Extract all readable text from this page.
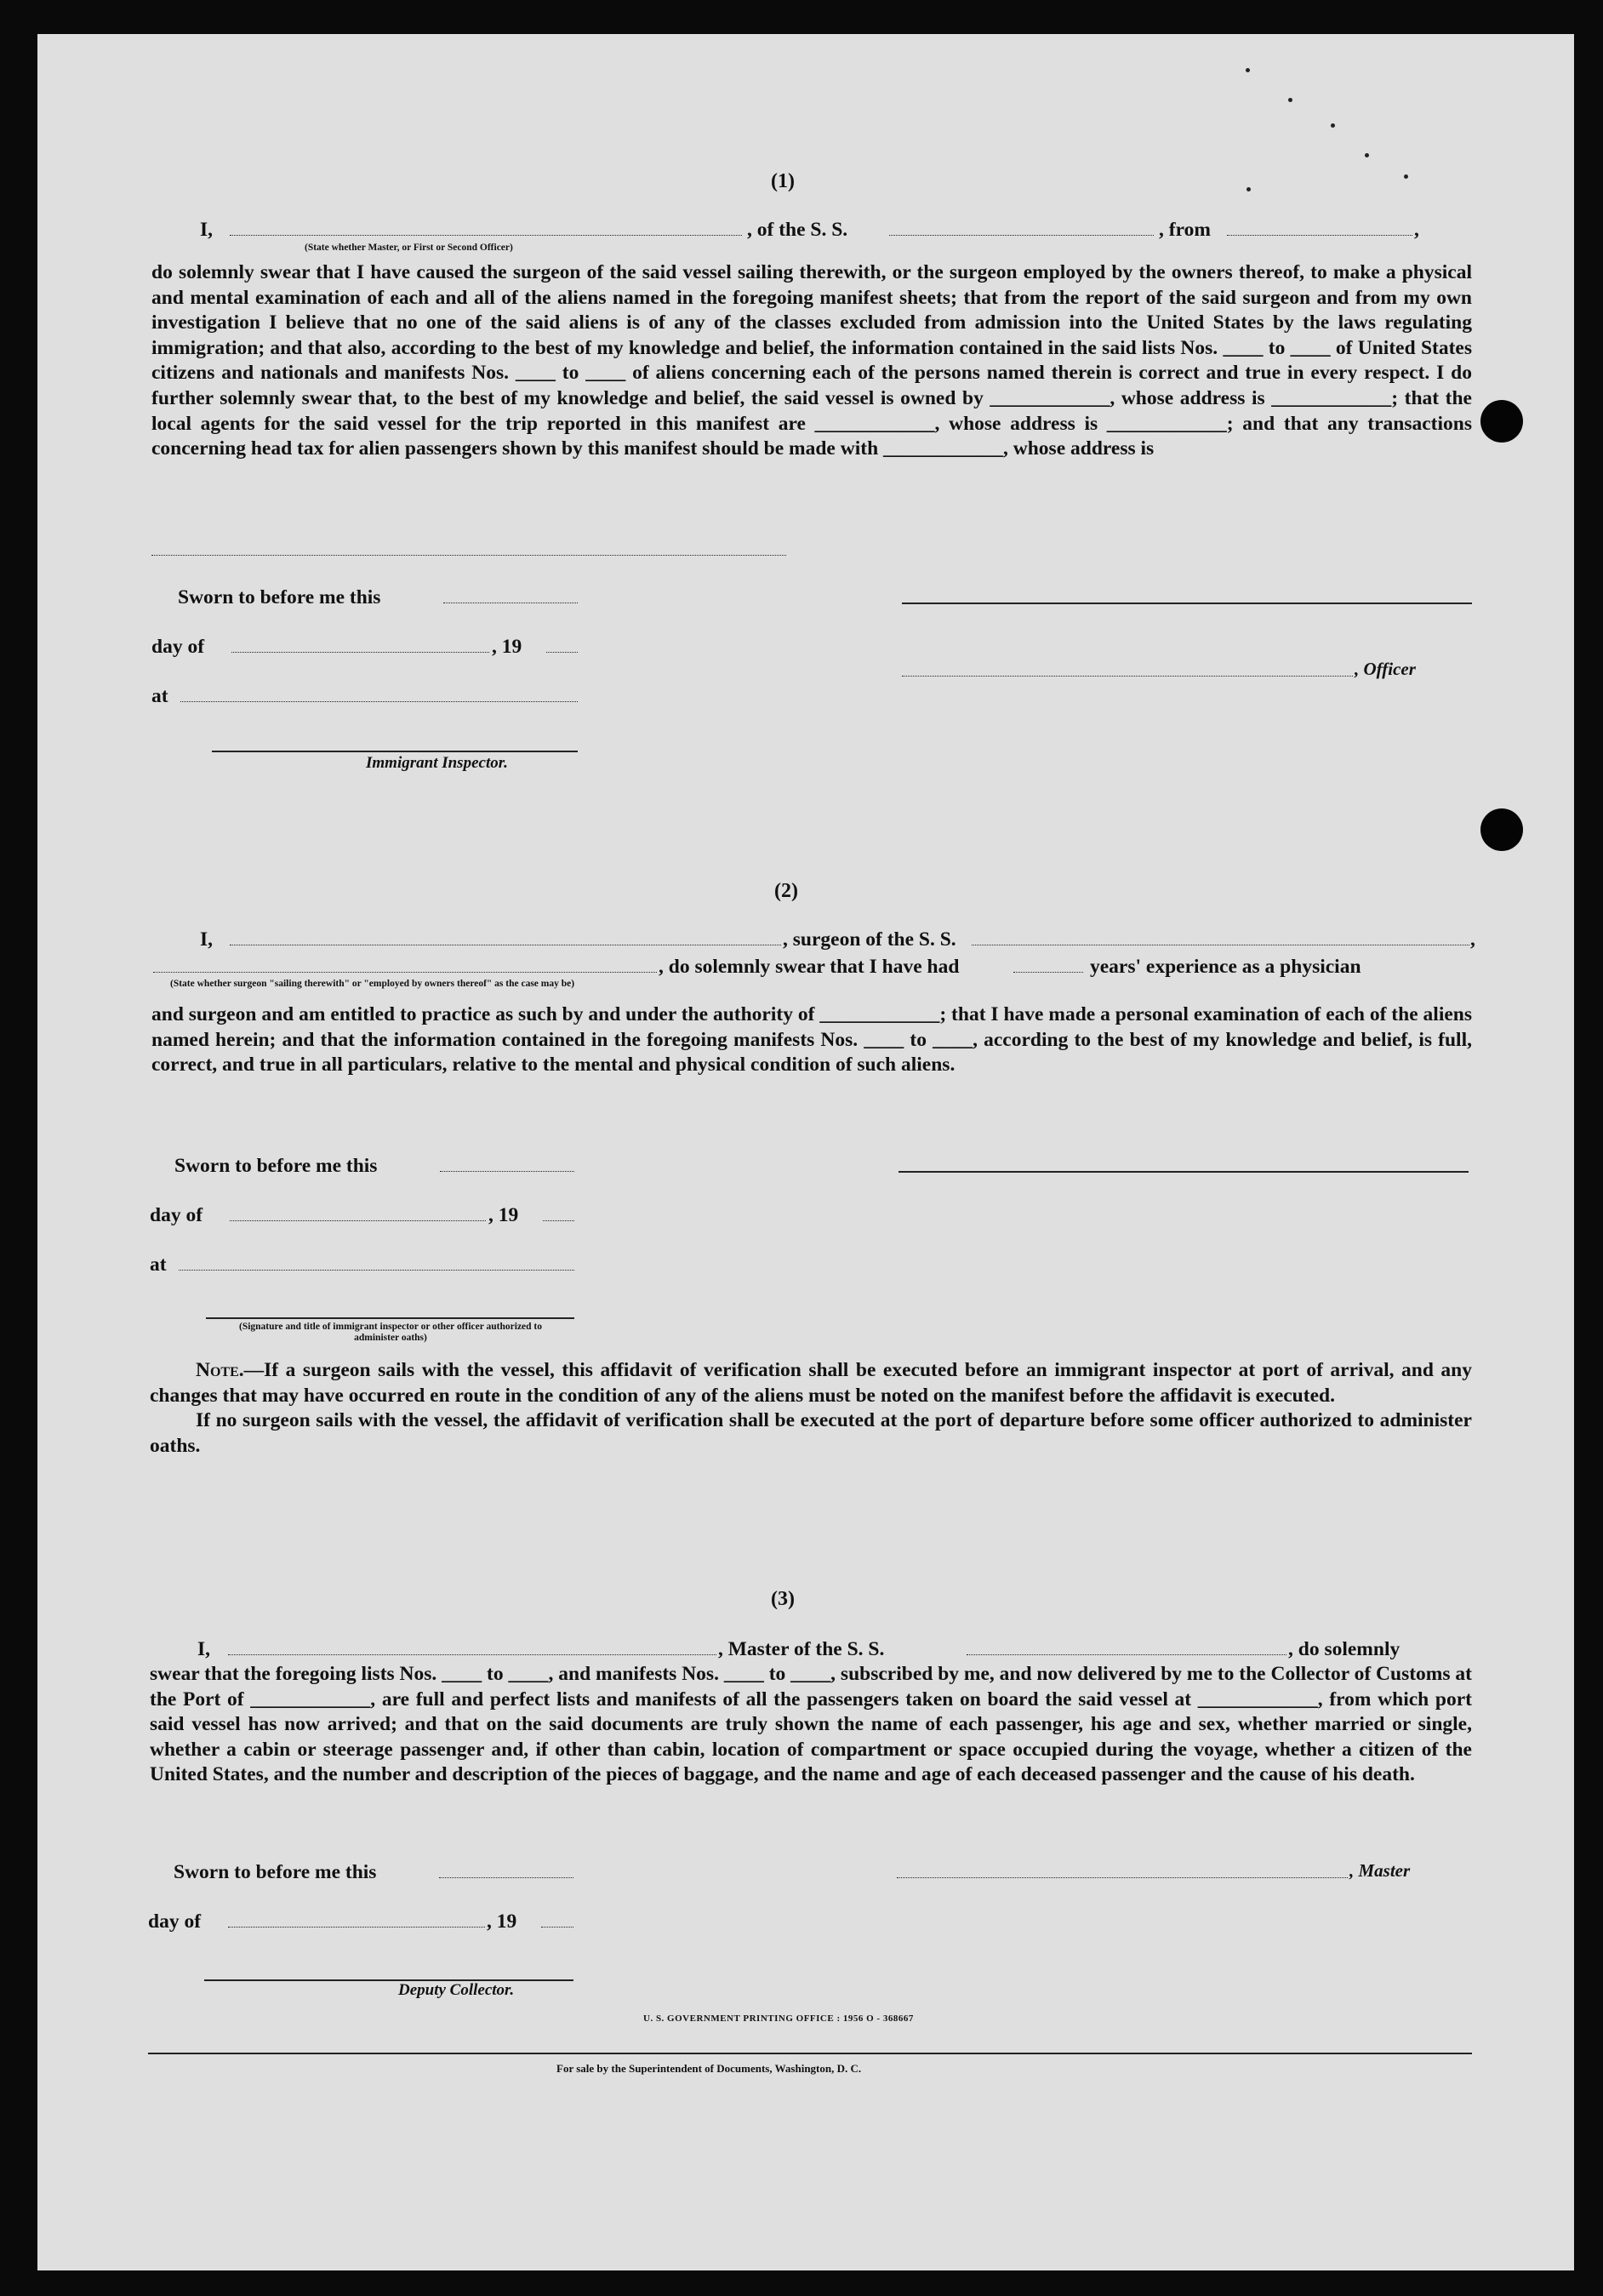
(1)
I,	, of the S. S.	, from	,
(State whether Master, or First or Second Officer)

do solemnly swear that I have caused the surgeon of the said vessel sailing therewith, or the surgeon employed by the owners thereof, to make a physical and mental examination of each and all of the aliens named in the foregoing manifest sheets; that from the report of the said surgeon and from my own investigation I believe that no one of the said aliens is of any of the classes excluded from admission into the United States by the laws regulating immigration; and that also, according to the best of my knowledge and belief, the information contained in the said lists Nos. ____ to ____ of United States citizens and nationals and manifests Nos. ____ to ____ of aliens concerning each of the persons named therein is correct and true in every respect. I do further solemnly swear that, to the best of my knowledge and belief, the said vessel is owned by ____________, whose address is ____________; that the local agents for the said vessel for the trip reported in this manifest are ____________, whose address is ____________; and that any transactions concerning head tax for alien passengers shown by this manifest should be made with ____________, whose address is

Sworn to before me this
day of	, 19
, Officer
at
Immigrant Inspector.
(2)
I,	, surgeon of the S. S.	,
, do solemnly swear that I have had	years' experience as a physician
(State whether surgeon "sailing therewith" or "employed by owners thereof" as the case may be)

and surgeon and am entitled to practice as such by and under the authority of ____________; that I have made a personal examination of each of the aliens named herein; and that the information contained in the foregoing manifests Nos. ____ to ____, according to the best of my knowledge and belief, is full, correct, and true in all particulars, relative to the mental and physical condition of such aliens.

Sworn to before me this
day of	, 19
at
(Signature and title of immigrant inspector or other officer authorized to administer oaths)

Note.—If a surgeon sails with the vessel, this affidavit of verification shall be executed before an immigrant inspector at port of arrival, and any changes that may have occurred en route in the condition of any of the aliens must be noted on the manifest before the affidavit is executed.

If no surgeon sails with the vessel, the affidavit of verification shall be executed at the port of departure before some officer authorized to administer oaths.

(3)
I,	, Master of the S. S.	, do solemnly

swear that the foregoing lists Nos. ____ to ____, and manifests Nos. ____ to ____, subscribed by me, and now delivered by me to the Collector of Customs at the Port of ____________, are full and perfect lists and manifests of all the passengers taken on board the said vessel at ____________, from which port said vessel has now arrived; and that on the said documents are truly shown the name of each passenger, his age and sex, whether married or single, whether a cabin or steerage passenger and, if other than cabin, location of compartment or space occupied during the voyage, whether a citizen of the United States, and the number and description of the pieces of baggage, and the name and age of each deceased passenger and the cause of his death.

Sworn to before me this	, Master
day of	, 19
Deputy Collector.
U. S. GOVERNMENT PRINTING OFFICE : 1956 O - 368667
For sale by the Superintendent of Documents, Washington, D. C.
